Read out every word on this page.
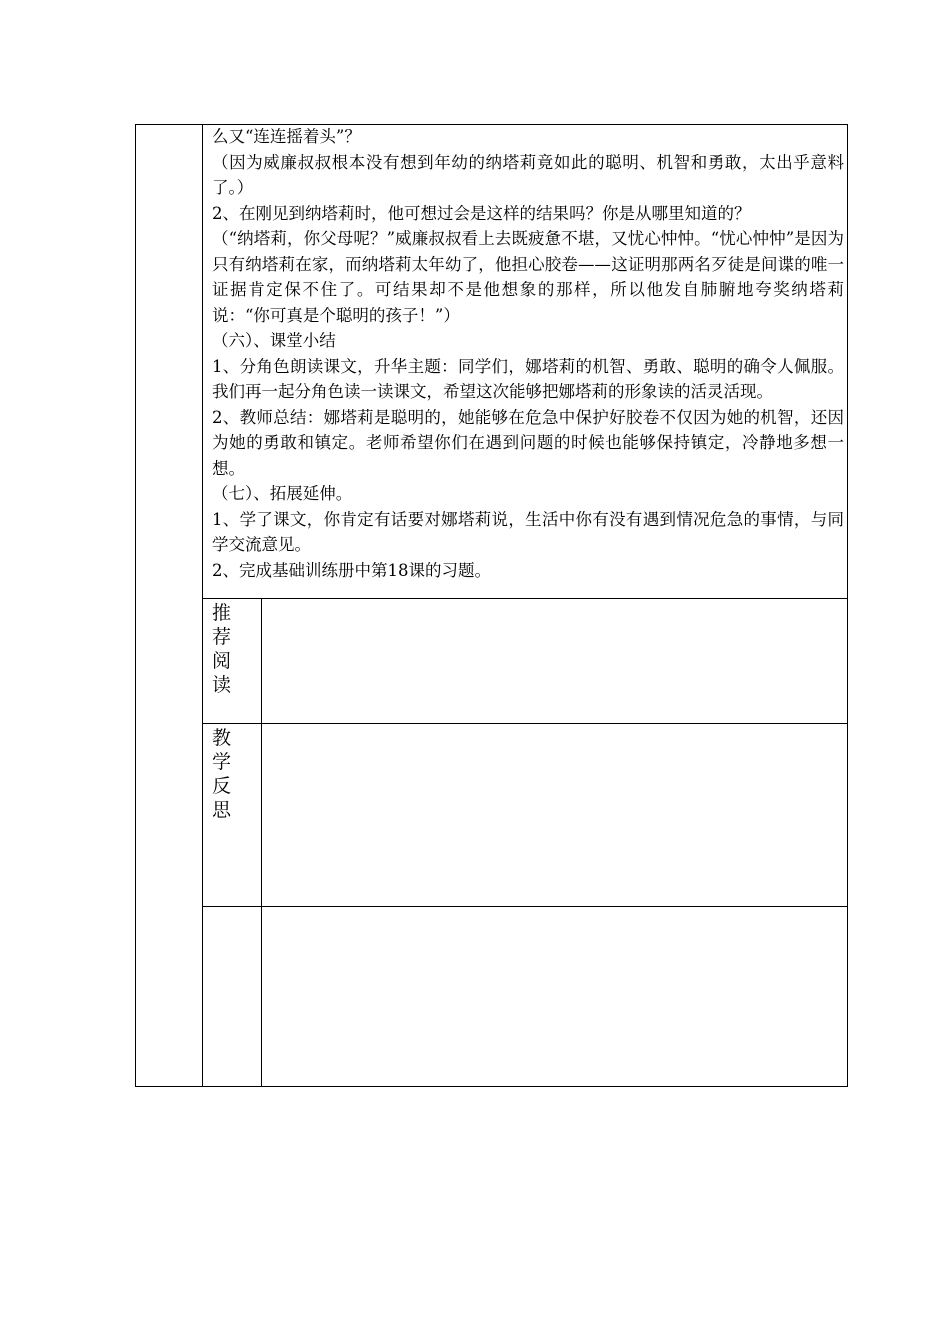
么又“连连摇着头”？

（因为威廉叔叔根本没有想到年幼的纳塔莉竟如此的聪明、机智和勇敢，太出乎意料了。）

2、在刚见到纳塔莉时，他可想过会是这样的结果吗？你是从哪里知道的？

（“纳塔莉，你父母呢？”威廉叔叔看上去既疲惫不堪，又忧心忡忡。“忧心忡忡”是因为只有纳塔莉在家，而纳塔莉太年幼了，他担心胶卷——这证明那两名歹徒是间谍的唯一证据肯定保不住了。可结果却不是他想象的那样，所以他发自肺腑地夸奖纳塔莉说：“你可真是个聪明的孩子！”）

（六）、课堂小结

1、分角色朗读课文，升华主题：同学们，娜塔莉的机智、勇敢、聪明的确令人佩服。我们再一起分角色读一读课文，希望这次能够把娜塔莉的形象读的活灵活现。

2、教师总结：娜塔莉是聪明的，她能够在危急中保护好胶卷不仅因为她的机智，还因为她的勇敢和镇定。老师希望你们在遇到问题的时候也能够保持镇定，冷静地多想一想。

（七）、拓展延伸。

1、学了课文，你肯定有话要对娜塔莉说，生活中你有没有遇到情况危急的事情，与同学交流意见。

2、完成基础训练册中第18课的习题。

推荐阅读
教学反思
